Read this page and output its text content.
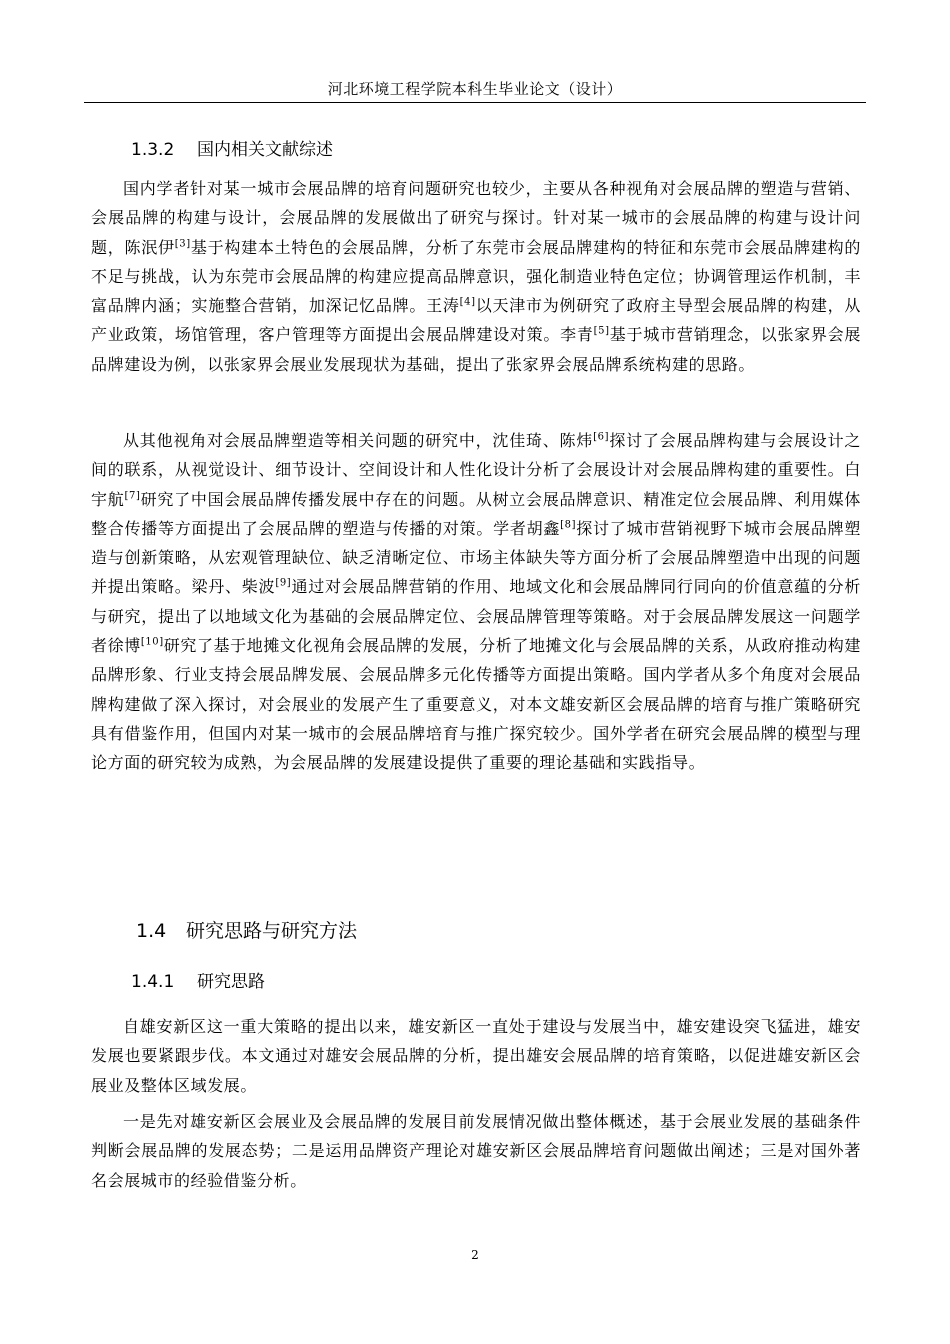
河北环境工程学院本科生毕业论文（设计）
1.3.2 国内相关文献综述

国内学者针对某一城市会展品牌的培育问题研究也较少，主要从各种视角对会展品牌的塑造与营销、会展品牌的构建与设计，会展品牌的发展做出了研究与探讨。针对某一城市的会展品牌的构建与设计问题，陈泯伊[3]基于构建本土特色的会展品牌，分析了东莞市会展品牌建构的特征和东莞市会展品牌建构的不足与挑战，认为东莞市会展品牌的构建应提高品牌意识，强化制造业特色定位；协调管理运作机制，丰富品牌内涵；实施整合营销，加深记忆品牌。王涛[4]以天津市为例研究了政府主导型会展品牌的构建，从产业政策，场馆管理，客户管理等方面提出会展品牌建设对策。李青[5]基于城市营销理念，以张家界会展品牌建设为例，以张家界会展业发展现状为基础，提出了张家界会展品牌系统构建的思路。

从其他视角对会展品牌塑造等相关问题的研究中，沈佳琦、陈炜[6]探讨了会展品牌构建与会展设计之间的联系，从视觉设计、细节设计、空间设计和人性化设计分析了会展设计对会展品牌构建的重要性。白宇航[7]研究了中国会展品牌传播发展中存在的问题。从树立会展品牌意识、精准定位会展品牌、利用媒体整合传播等方面提出了会展品牌的塑造与传播的对策。学者胡鑫[8]探讨了城市营销视野下城市会展品牌塑造与创新策略，从宏观管理缺位、缺乏清晰定位、市场主体缺失等方面分析了会展品牌塑造中出现的问题并提出策略。梁丹、柴波[9]通过对会展品牌营销的作用、地域文化和会展品牌同行同向的价值意蕴的分析与研究，提出了以地域文化为基础的会展品牌定位、会展品牌管理等策略。对于会展品牌发展这一问题学者徐博[10]研究了基于地摊文化视角会展品牌的发展，分析了地摊文化与会展品牌的关系，从政府推动构建品牌形象、行业支持会展品牌发展、会展品牌多元化传播等方面提出策略。国内学者从多个角度对会展品牌构建做了深入探讨，对会展业的发展产生了重要意义，对本文雄安新区会展品牌的培育与推广策略研究具有借鉴作用，但国内对某一城市的会展品牌培育与推广探究较少。国外学者在研究会展品牌的模型与理论方面的研究较为成熟，为会展品牌的发展建设提供了重要的理论基础和实践指导。

1.4 研究思路与研究方法
1.4.1 研究思路

自雄安新区这一重大策略的提出以来，雄安新区一直处于建设与发展当中，雄安建设突飞猛进，雄安发展也要紧跟步伐。本文通过对雄安会展品牌的分析，提出雄安会展品牌的培育策略，以促进雄安新区会展业及整体区域发展。

一是先对雄安新区会展业及会展品牌的发展目前发展情况做出整体概述，基于会展业发展的基础条件判断会展品牌的发展态势；二是运用品牌资产理论对雄安新区会展品牌培育问题做出阐述；三是对国外著名会展城市的经验借鉴分析。

2
